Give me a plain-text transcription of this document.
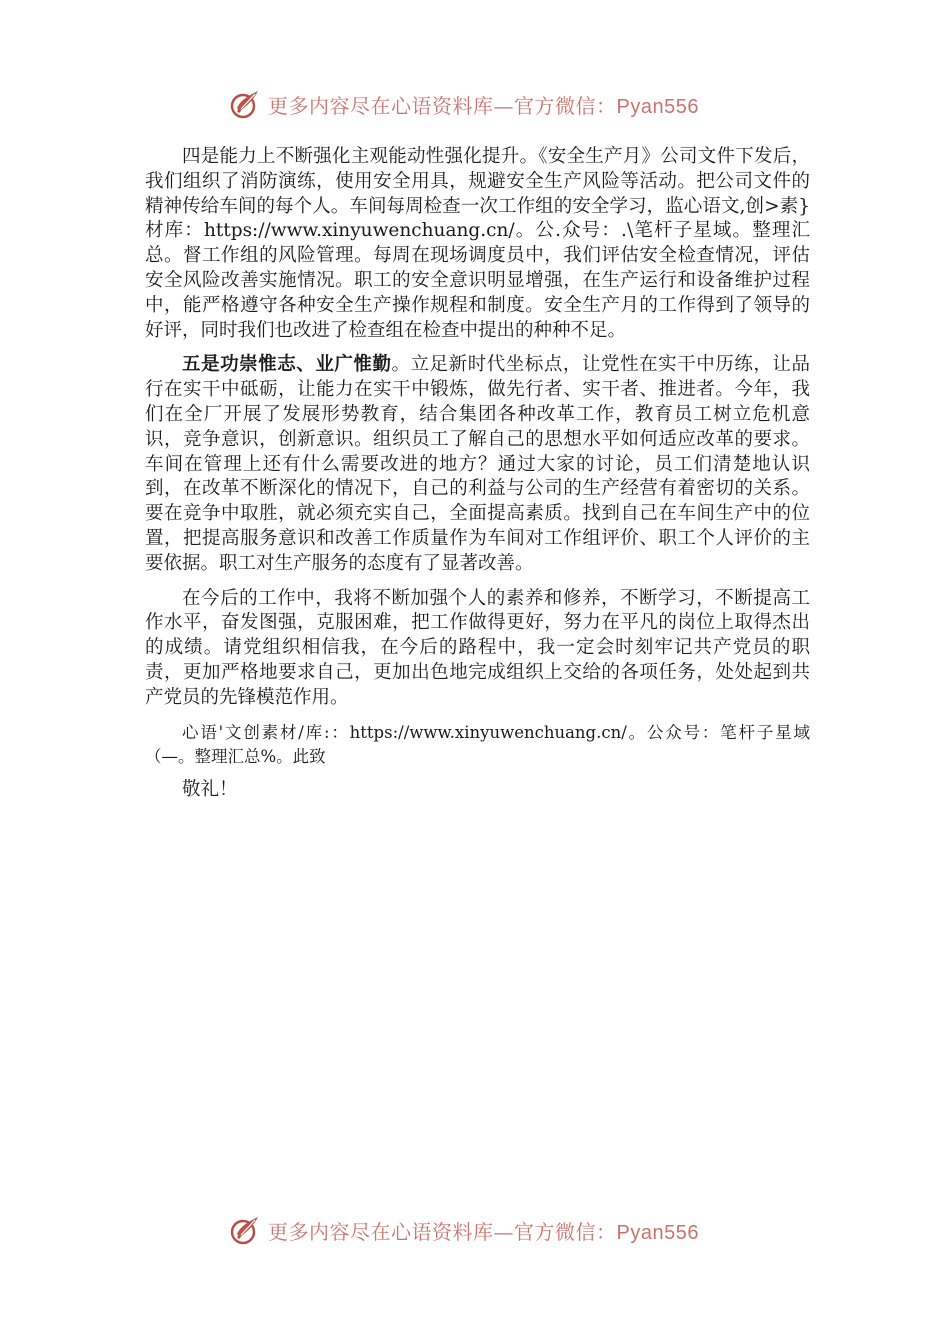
更多内容尽在心语资料库—官方微信：Pyan556

四是能力上不断强化主观能动性强化提升。《安全生产月》公司文件下发后，我们组织了消防演练，使用安全用具，规避安全生产风险等活动。把公司文件的精神传给车间的每个人。车间每周检查一次工作组的安全学习，监心语文,创>素}材库：https://www.xinyuwenchuang.cn/。公.众号：.\笔杆子星域。整理汇总。督工作组的风险管理。每周在现场调度员中，我们评估安全检查情况，评估安全风险改善实施情况。职工的安全意识明显增强，在生产运行和设备维护过程中，能严格遵守各种安全生产操作规程和制度。安全生产月的工作得到了领导的好评，同时我们也改进了检查组在检查中提出的种种不足。

五是功崇惟志、业广惟勤。立足新时代坐标点，让党性在实干中历练，让品行在实干中砥砺，让能力在实干中锻炼，做先行者、实干者、推进者。今年，我们在全厂开展了发展形势教育，结合集团各种改革工作，教育员工树立危机意识，竞争意识，创新意识。组织员工了解自己的思想水平如何适应改革的要求。车间在管理上还有什么需要改进的地方？通过大家的讨论，员工们清楚地认识到，在改革不断深化的情况下，自己的利益与公司的生产经营有着密切的关系。要在竞争中取胜，就必须充实自己，全面提高素质。找到自己在车间生产中的位置，把提高服务意识和改善工作质量作为车间对工作组评价、职工个人评价的主要依据。职工对生产服务的态度有了显著改善。

在今后的工作中，我将不断加强个人的素养和修养，不断学习，不断提高工作水平，奋发图强，克服困难，把工作做得更好，努力在平凡的岗位上取得杰出的成绩。请党组织相信我，在今后的路程中，我一定会时刻牢记共产党员的职责，更加严格地要求自己，更加出色地完成组织上交给的各项任务，处处起到共产党员的先锋模范作用。

心语'文创素材/库:：https://www.xinyuwenchuang.cn/。公众号：笔杆子星域（—。整理汇总%。此致

敬礼！

更多内容尽在心语资料库—官方微信：Pyan556
